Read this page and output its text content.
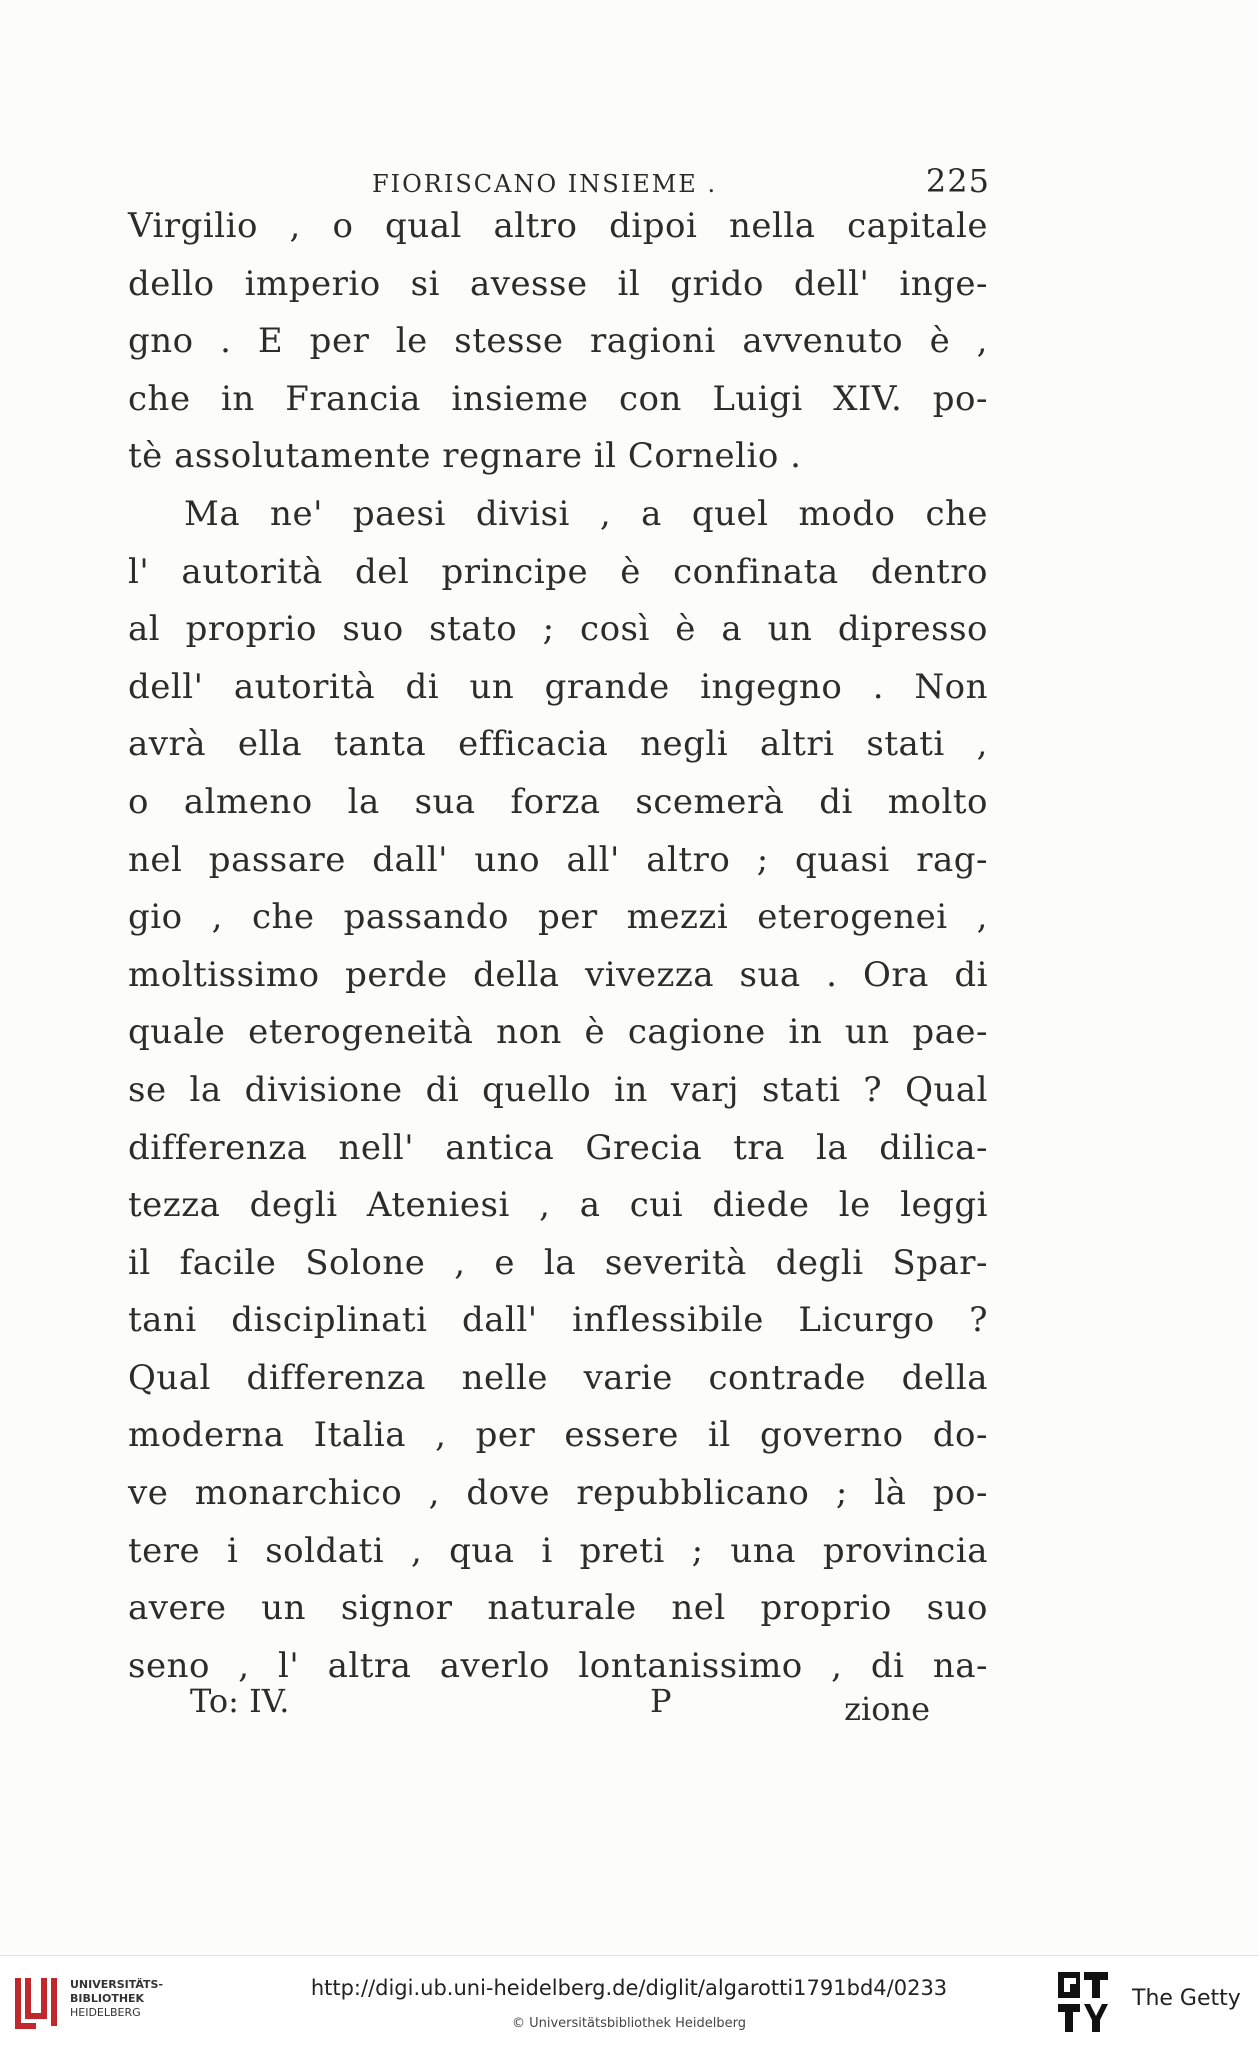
FIORISCANO INSIEME .	225
Virgilio , o qual altro dipoi nella capitale
dello imperio si avesse il grido dell' inge-
gno . E per le stesse ragioni avvenuto è ,
che in Francia insieme con Luigi XIV. po-
tè assolutamente regnare il Cornelio .
Ma ne' paesi divisi , a quel modo che
l' autorità del principe è confinata dentro
al proprio suo stato ; così è a un dipresso
dell' autorità di un grande ingegno . Non
avrà ella tanta efficacia negli altri stati ,
o almeno la sua forza scemerà di molto
nel passare dall' uno all' altro ; quasi rag-
gio , che passando per mezzi eterogenei ,
moltissimo perde della vivezza sua . Ora di
quale eterogeneità non è cagione in un pae-
se la divisione di quello in varj stati ? Qual
differenza nell' antica Grecia tra la dilica-
tezza degli Ateniesi , a cui diede le leggi
il facile Solone , e la severità degli Spar-
tani disciplinati dall' inflessibile Licurgo ?
Qual differenza nelle varie contrade della
moderna Italia , per essere il governo do-
ve monarchico , dove repubblicano ; là po-
tere i soldati , qua i preti ; una provincia
avere un signor naturale nel proprio suo
seno , l' altra averlo lontanissimo , di na-
To: IV.	P	zione
UNIVERSITÄTS-
BIBLIOTHEK
HEIDELBERG
http://digi.ub.uni-heidelberg.de/diglit/algarotti1791bd4/0233
© Universitätsbibliothek Heidelberg
The Getty
